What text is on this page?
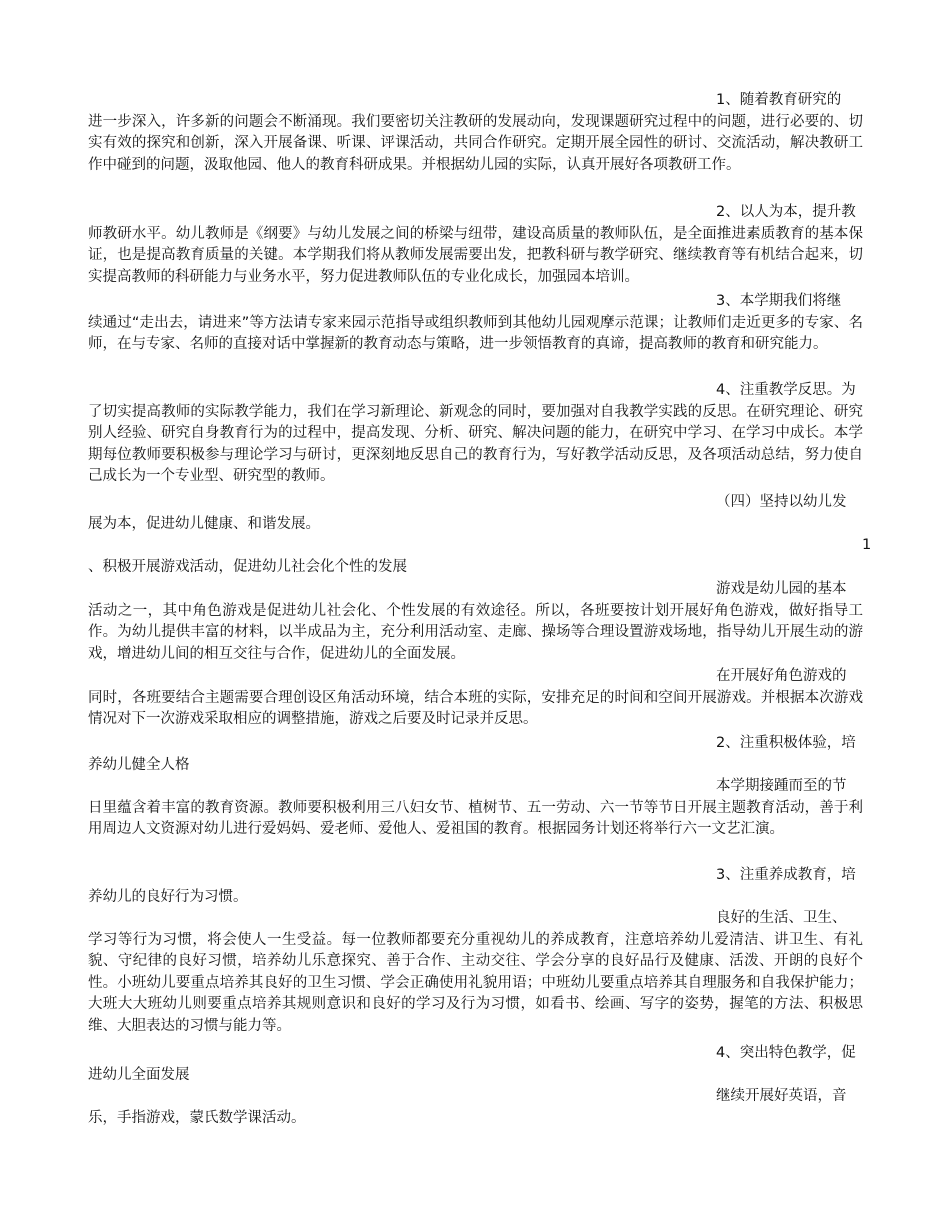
1、随着教育研究的
进一步深入，许多新的问题会不断涌现。我们要密切关注教研的发展动向，发现课题研究过程中的问题，进行必要的、切实有效的探究和创新，深入开展备课、听课、评课活动，共同合作研究。定期开展全园性的研讨、交流活动，解决教研工作中碰到的问题，汲取他园、他人的教育科研成果。并根据幼儿园的实际，认真开展好各项教研工作。

2、以人为本，提升教
师教研水平。幼儿教师是《纲要》与幼儿发展之间的桥梁与纽带，建设高质量的教师队伍，是全面推进素质教育的基本保证，也是提高教育质量的关键。本学期我们将从教师发展需要出发，把教科研与教学研究、继续教育等有机结合起来，切实提高教师的科研能力与业务水平，努力促进教师队伍的专业化成长，加强园本培训。

3、本学期我们将继
续通过“走出去，请进来”等方法请专家来园示范指导或组织教师到其他幼儿园观摩示范课；让教师们走近更多的专家、名师，在与专家、名师的直接对话中掌握新的教育动态与策略，进一步领悟教育的真谛，提高教师的教育和研究能力。

4、注重教学反思。为
了切实提高教师的实际教学能力，我们在学习新理论、新观念的同时，要加强对自我教学实践的反思。在研究理论、研究别人经验、研究自身教育行为的过程中，提高发现、分析、研究、解决问题的能力，在研究中学习、在学习中成长。本学期每位教师要积极参与理论学习与研讨，更深刻地反思自己的教育行为，写好教学活动反思，及各项活动总结，努力使自己成长为一个专业型、研究型的教师。

（四）坚持以幼儿发
展为本，促进幼儿健康、和谐发展。

1

、积极开展游戏活动，促进幼儿社会化个性的发展

游戏是幼儿园的基本
活动之一，其中角色游戏是促进幼儿社会化、个性发展的有效途径。所以，各班要按计划开展好角色游戏，做好指导工作。为幼儿提供丰富的材料，以半成品为主，充分利用活动室、走廊、操场等合理设置游戏场地，指导幼儿开展生动的游戏，增进幼儿间的相互交往与合作，促进幼儿的全面发展。

在开展好角色游戏的
同时，各班要结合主题需要合理创设区角活动环境，结合本班的实际，安排充足的时间和空间开展游戏。并根据本次游戏情况对下一次游戏采取相应的调整措施，游戏之后要及时记录并反思。

2、注重积极体验，培
养幼儿健全人格

本学期接踵而至的节
日里蕴含着丰富的教育资源。教师要积极利用三八妇女节、植树节、五一劳动、六一节等节日开展主题教育活动，善于利用周边人文资源对幼儿进行爱妈妈、爱老师、爱他人、爱祖国的教育。根据园务计划还将举行六一文艺汇演。

3、注重养成教育，培
养幼儿的良好行为习惯。

良好的生活、卫生、
学习等行为习惯，将会使人一生受益。每一位教师都要充分重视幼儿的养成教育，注意培养幼儿爱清洁、讲卫生、有礼貌、守纪律的良好习惯，培养幼儿乐意探究、善于合作、主动交往、学会分享的良好品行及健康、活泼、开朗的良好个性。小班幼儿要重点培养其良好的卫生习惯、学会正确使用礼貌用语；中班幼儿要重点培养其自理服务和自我保护能力；大班大大班幼儿则要重点培养其规则意识和良好的学习及行为习惯，如看书、绘画、写字的姿势，握笔的方法、积极思维、大胆表达的习惯与能力等。

4、突出特色教学，促
进幼儿全面发展

继续开展好英语，音
乐，手指游戏，蒙氏数学课活动。
